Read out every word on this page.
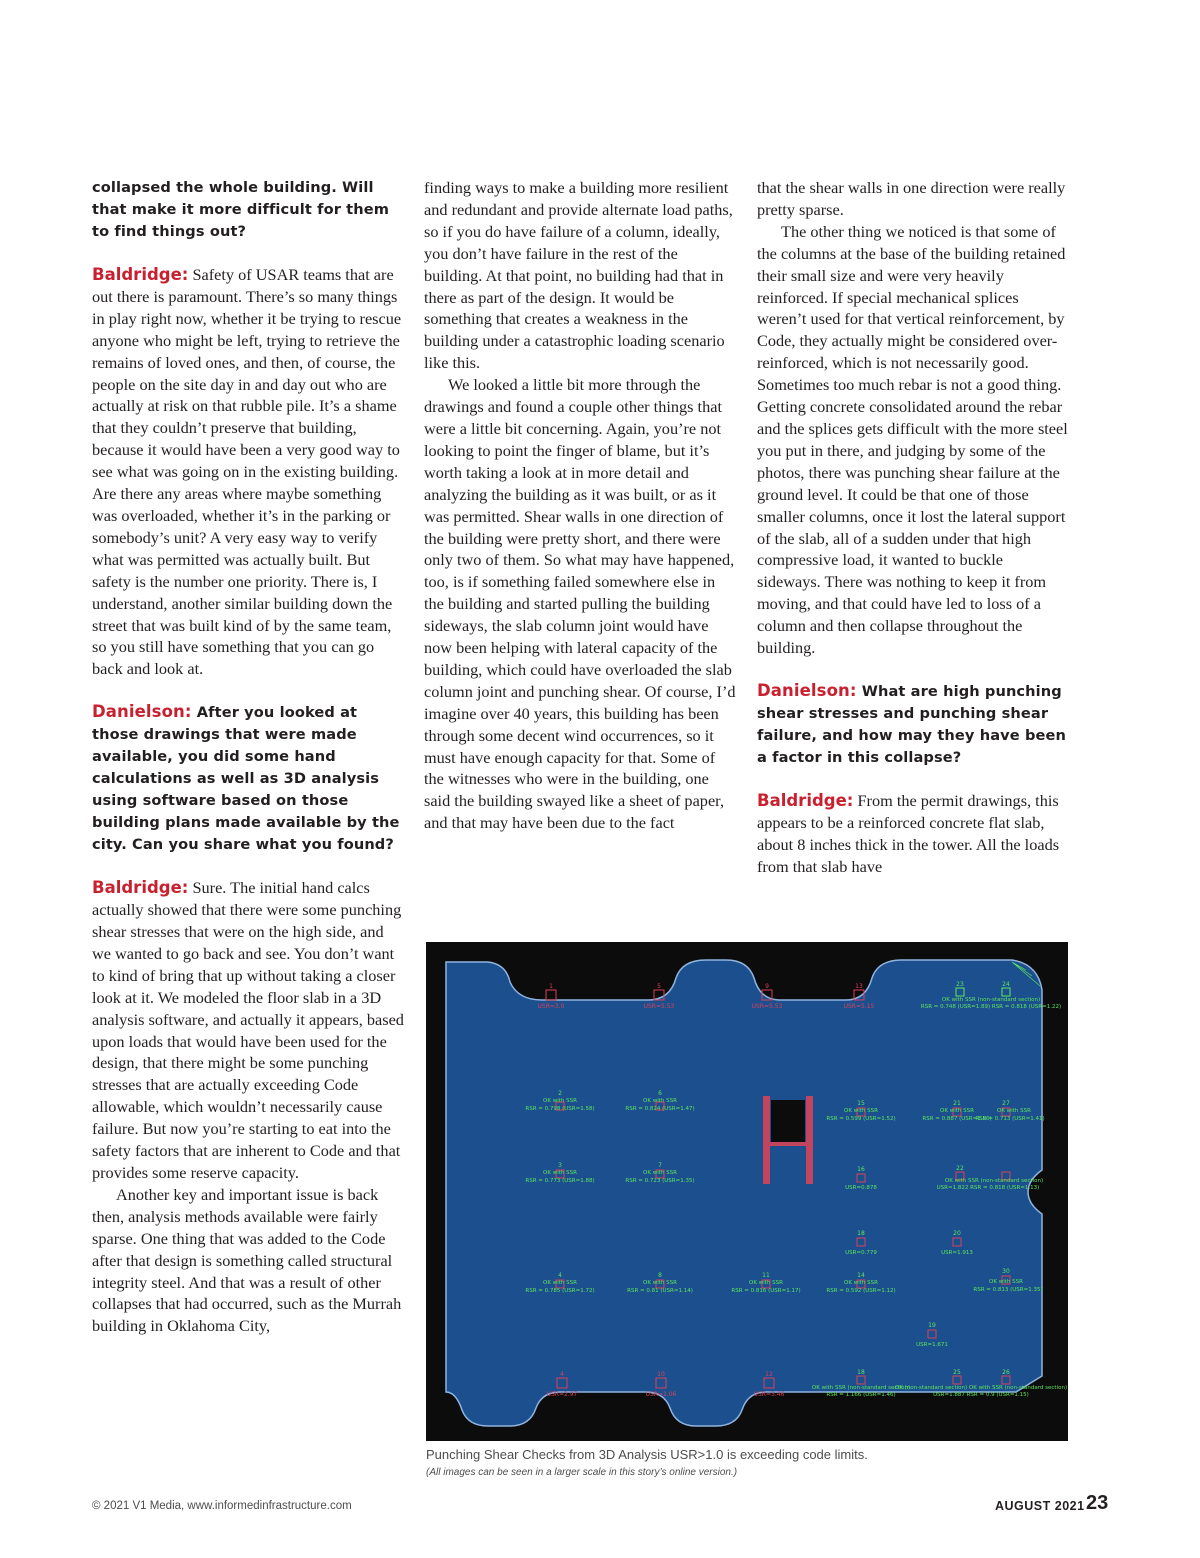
collapsed the whole building. Will that make it more difficult for them to find things out?

Baldridge: Safety of USAR teams that are out there is paramount. There’s so many things in play right now, whether it be trying to rescue anyone who might be left, trying to retrieve the remains of loved ones, and then, of course, the people on the site day in and day out who are actually at risk on that rubble pile. It’s a shame that they couldn’t preserve that building, because it would have been a very good way to see what was going on in the existing building. Are there any areas where maybe something was overloaded, whether it’s in the parking or somebody’s unit? A very easy way to verify what was permitted was actually built. But safety is the number one priority. There is, I understand, another similar building down the street that was built kind of by the same team, so you still have something that you can go back and look at.

Danielson: After you looked at those drawings that were made available, you did some hand calculations as well as 3D analysis using software based on those building plans made available by the city. Can you share what you found?

Baldridge: Sure. The initial hand calcs actually showed that there were some punching shear stresses that were on the high side, and we wanted to go back and see. You don’t want to kind of bring that up without taking a closer look at it. We modeled the floor slab in a 3D analysis software, and actually it appears, based upon loads that would have been used for the design, that there might be some punching stresses that are actually exceeding Code allowable, which wouldn’t necessarily cause failure. But now you’re starting to eat into the safety factors that are inherent to Code and that provides some reserve capacity.

Another key and important issue is back then, analysis methods available were fairly sparse. One thing that was added to the Code after that design is something called structural integrity steel. And that was a result of other collapses that had occurred, such as the Murrah building in Oklahoma City,

finding ways to make a building more resilient and redundant and provide alternate load paths, so if you do have failure of a column, ideally, you don’t have failure in the rest of the building. At that point, no building had that in there as part of the design. It would be something that creates a weakness in the building under a catastrophic loading scenario like this.

We looked a little bit more through the drawings and found a couple other things that were a little bit concerning. Again, you’re not looking to point the finger of blame, but it’s worth taking a look at in more detail and analyzing the building as it was built, or as it was permitted. Shear walls in one direction of the building were pretty short, and there were only two of them. So what may have happened, too, is if something failed somewhere else in the building and started pulling the building sideways, the slab column joint would have now been helping with lateral capacity of the building, which could have overloaded the slab column joint and punching shear. Of course, I’d imagine over 40 years, this building has been through some decent wind occurrences, so it must have enough capacity for that. Some of the witnesses who were in the building, one said the building swayed like a sheet of paper, and that may have been due to the fact

that the shear walls in one direction were really pretty sparse.

The other thing we noticed is that some of the columns at the base of the building retained their small size and were very heavily reinforced. If special mechanical splices weren’t used for that vertical reinforcement, by Code, they actually might be considered over-reinforced, which is not necessarily good. Sometimes too much rebar is not a good thing. Getting concrete consolidated around the rebar and the splices gets difficult with the more steel you put in there, and judging by some of the photos, there was punching shear failure at the ground level. It could be that one of those smaller columns, once it lost the lateral support of the slab, all of a sudden under that high compressive load, it wanted to buckle sideways. There was nothing to keep it from moving, and that could have led to loss of a column and then collapse throughout the building.

Danielson: What are high punching shear stresses and punching shear failure, and how may they have been a factor in this collapse?

Baldridge: From the permit drawings, this appears to be a reinforced concrete flat slab, about 8 inches thick in the tower. All the loads from that slab have

1
USR=3.0
5
USR=5.53
9
USR=5.53
13
USR=5.15
23	24
OK with SSR (non-standard section)
RSR = 0.748 (USR=1.89) RSR = 0.818 (USR=1.22)
2
OK with SSR
RSR = 0.798 (USR=1.58)
6
OK with SSR
RSR = 0.824 (USR=1.47)
15
OK with SSR
RSR = 0.599 (USR=1.52)
21
OK with SSR
RSR = 0.887 (USR=1.56)
27
OK with SSR
RSR = 0.713 (USR=1.41)
3
OK with SSR
RSR = 0.773 (USR=1.88)
7
OK with SSR
RSR = 0.723 (USR=1.35)
16
USR=0.878
22
OK with SSR (non-standard section)
USR=1.822 RSR = 0.818 (USR=1.13)
18
USR=0.779
20
USR=1.913
4
OK with SSR
RSR = 0.785 (USR=1.72)
8
OK with SSR
RSR = 0.81 (USR=1.14)
11
OK with SSR
RSR = 0.816 (USR=1.17)
14
OK with SSR
RSR = 0.592 (USR=1.12)
30
OK with SSR
RSR = 0.813 (USR=1.35)
19
USR=1.671
4
USR=2.97
10
USR=1.06
12
USR=3.46
18
OK with SSR (non-standard section)
RSR = 1.166 (USR=1.46)
25	26
OK (non-standard section) OK with SSR (non-standard section)
USR=1.887 RSR = 0.9 (USR=1.15)
Punching Shear Checks from 3D Analysis USR>1.0 is exceeding code limits.
(All images can be seen in a larger scale in this story’s online version.)
© 2021 V1 Media, www.informedinfrastructure.com	AUGUST 2021 23
